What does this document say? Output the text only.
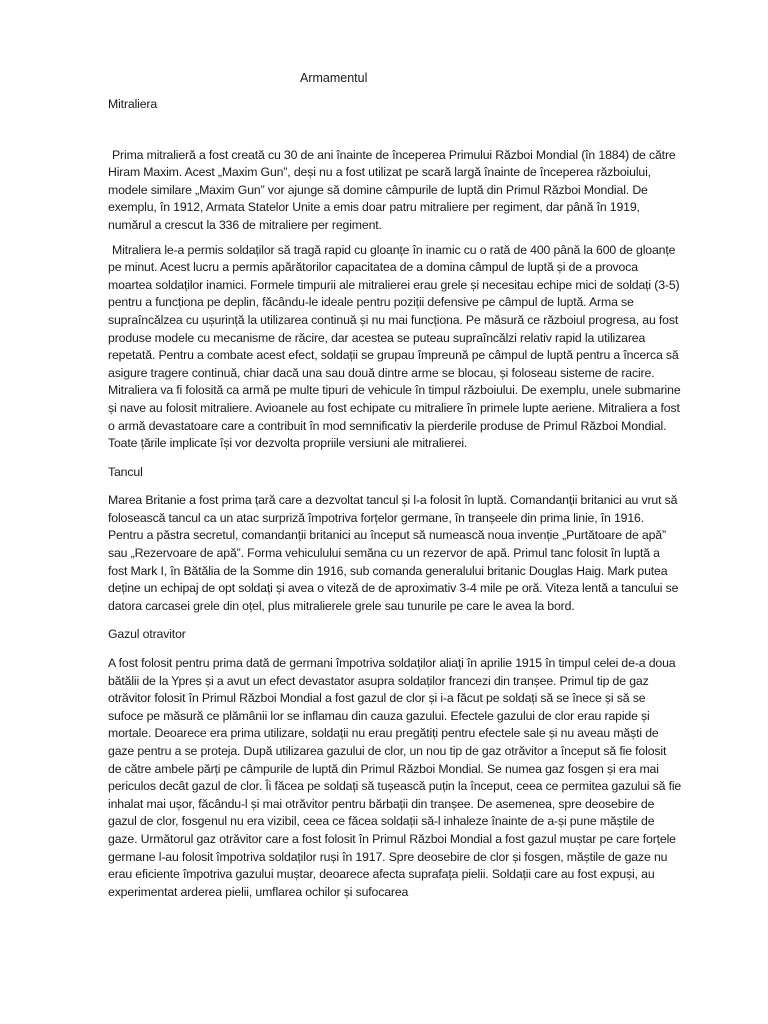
Armamentul

Mitraliera

Prima mitralieră a fost creată cu 30 de ani înainte de începerea Primului Război Mondial (în 1884) de către Hiram Maxim. Acest „Maxim Gun”, deși nu a fost utilizat pe scară largă înainte de începerea războiului, modele similare „Maxim Gun” vor ajunge să domine câmpurile de luptă din Primul Război Mondial. De exemplu, în 1912, Armata Statelor Unite a emis doar patru mitraliere per regiment, dar până în 1919, numărul a crescut la 336 de mitraliere per regiment.

Mitraliera le-a permis soldaților să tragă rapid cu gloanțe în inamic cu o rată de 400 până la 600 de gloanțe pe minut. Acest lucru a permis apărătorilor capacitatea de a domina câmpul de luptă și de a provoca moartea soldaților inamici. Formele timpurii ale mitralierei erau grele și necesitau echipe mici de soldați (3-5) pentru a funcționa pe deplin, făcându-le ideale pentru poziții defensive pe câmpul de luptă. Arma se supraîncălzea cu ușurință la utilizarea continuă și nu mai funcționa. Pe măsură ce războiul progresa, au fost produse modele cu mecanisme de răcire, dar acestea se puteau supraîncălzi relativ rapid la utilizarea repetată. Pentru a combate acest efect, soldații se grupau împreună pe câmpul de luptă pentru a încerca să asigure tragere continuă, chiar dacă una sau două dintre arme se blocau, și foloseau sisteme de racire. Mitraliera va fi folosită ca armă pe multe tipuri de vehicule în timpul războiului. De exemplu, unele submarine și nave au folosit mitraliere. Avioanele au fost echipate cu mitraliere în primele lupte aeriene. Mitraliera a fost o armă devastatoare care a contribuit în mod semnificativ la pierderile produse de Primul Război Mondial. Toate țările implicate își vor dezvolta propriile versiuni ale mitralierei.

Tancul

Marea Britanie a fost prima țară care a dezvoltat tancul și l-a folosit în luptă. Comandanții britanici au vrut să folosească tancul ca un atac surpriză împotriva forțelor germane, în tranșeele din prima linie, în 1916. Pentru a păstra secretul, comandanții britanici au început să numească noua invenție „Purtătoare de apă” sau „Rezervoare de apă”. Forma vehiculului semăna cu un rezervor de apă. Primul tanc folosit în luptă a fost Mark I, în Bătălia de la Somme din 1916, sub comanda generalului britanic Douglas Haig. Mark putea deține un echipaj de opt soldați și avea o viteză de de aproximativ 3-4 mile pe oră. Viteza lentă a tancului se datora carcasei grele din oțel, plus mitralierele grele sau tunurile pe care le avea la bord.

Gazul otravitor

A fost folosit pentru prima dată de germani împotriva soldaților aliați în aprilie 1915 în timpul celei de-a doua bătălii de la Ypres și a avut un efect devastator asupra soldaților francezi din tranșee. Primul tip de gaz otrăvitor folosit în Primul Război Mondial a fost gazul de clor și i-a făcut pe soldați să se înece și să se sufoce pe măsură ce plămânii lor se inflamau din cauza gazului. Efectele gazului de clor erau rapide și mortale. Deoarece era prima utilizare, soldații nu erau pregătiți pentru efectele sale și nu aveau măști de gaze pentru a se proteja. După utilizarea gazului de clor, un nou tip de gaz otrăvitor a început să fie folosit de către ambele părți pe câmpurile de luptă din Primul Război Mondial. Se numea gaz fosgen și era mai periculos decât gazul de clor. Îi făcea pe soldați să tușească puțin la început, ceea ce permitea gazului să fie inhalat mai ușor, făcându-l și mai otrăvitor pentru bărbații din tranșee. De asemenea, spre deosebire de gazul de clor, fosgenul nu era vizibil, ceea ce făcea soldații să-l inhaleze înainte de a-și pune măștile de gaze. Următorul gaz otrăvitor care a fost folosit în Primul Război Mondial a fost gazul muștar pe care forțele germane l-au folosit împotriva soldaților ruși în 1917. Spre deosebire de clor și fosgen, măștile de gaze nu erau eficiente împotriva gazului muștar, deoarece afecta suprafața pielii. Soldații care au fost expuși, au experimentat arderea pielii, umflarea ochilor și sufocarea
